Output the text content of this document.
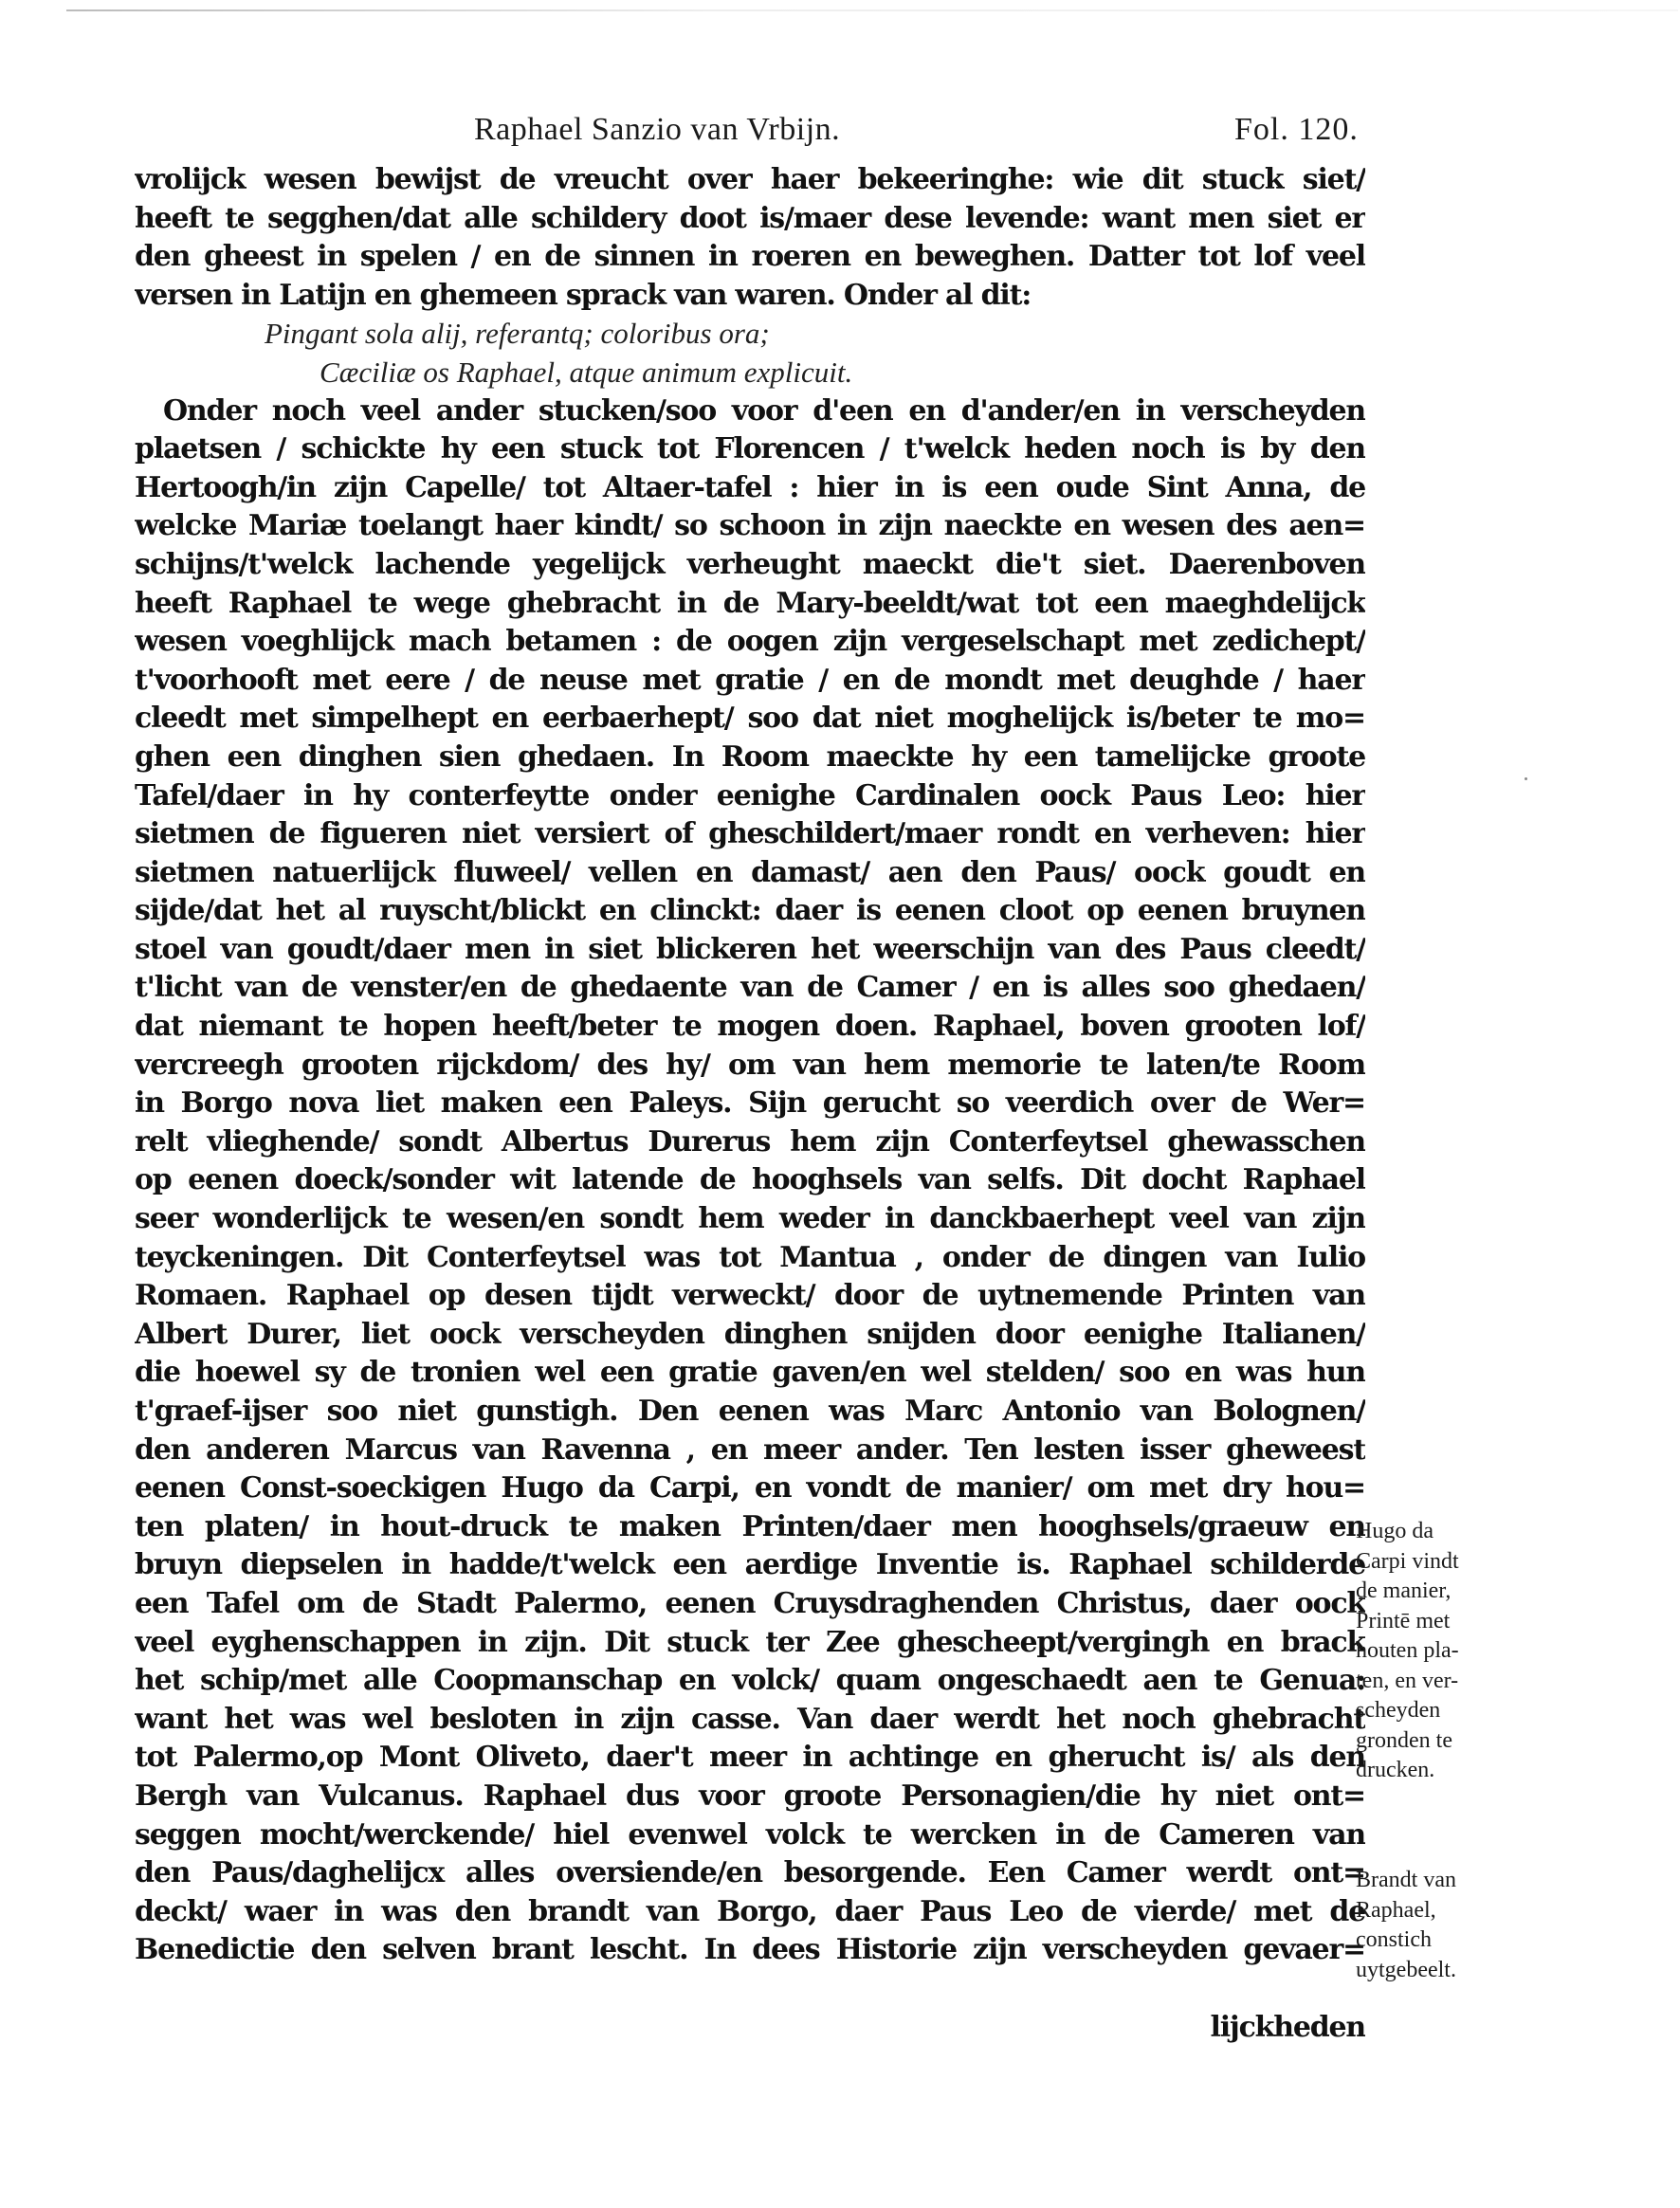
Raphael Sanzio van Vrbijn.	Fol. 120.
vrolijck wesen bewijst de vreucht over haer bekeeringhe: wie dit stuck siet/
heeft te segghen/dat alle schildery doot is/maer dese levende: want men siet er
den gheest in spelen / en de sinnen in roeren en beweghen. Datter tot lof veel
versen in Latijn en ghemeen sprack van waren. Onder al dit:
Pingant sola alij, referantq; coloribus ora;
Cæciliæ os Raphael, atque animum explicuit.
Onder noch veel ander stucken/soo voor d'een en d'ander/en in verscheyden
plaetsen / schickte hy een stuck tot Florencen / t'welck heden noch is by den
Hertoogh/in zijn Capelle/ tot Altaer-tafel : hier in is een oude Sint Anna, de
welcke Mariæ toelangt haer kindt/ so schoon in zijn naeckte en wesen des aen=
schijns/t'welck lachende yegelijck verheught maeckt die't siet. Daerenboven
heeft Raphael te wege ghebracht in de Mary-beeldt/wat tot een maeghdelijck
wesen voeghlijck mach betamen : de oogen zijn vergeselschapt met zedichept/
t'voorhooft met eere / de neuse met gratie / en de mondt met deughde / haer
cleedt met simpelhept en eerbaerhept/ soo dat niet moghelijck is/beter te mo=
ghen een dinghen sien ghedaen. In Room maeckte hy een tamelijcke groote
Tafel/daer in hy conterfeytte onder eenighe Cardinalen oock Paus Leo: hier
sietmen de figueren niet versiert of gheschildert/maer rondt en verheven: hier
sietmen natuerlijck fluweel/ vellen en damast/ aen den Paus/ oock goudt en
sijde/dat het al ruyscht/blickt en clinckt: daer is eenen cloot op eenen bruynen
stoel van goudt/daer men in siet blickeren het weerschijn van des Paus cleedt/
t'licht van de venster/en de ghedaente van de Camer / en is alles soo ghedaen/
dat niemant te hopen heeft/beter te mogen doen. Raphael, boven grooten lof/
vercreegh grooten rijckdom/ des hy/ om van hem memorie te laten/te Room
in Borgo nova liet maken een Paleys. Sijn gerucht so veerdich over de Wer=
relt vlieghende/ sondt Albertus Durerus hem zijn Conterfeytsel ghewasschen
op eenen doeck/sonder wit latende de hooghsels van selfs. Dit docht Raphael
seer wonderlijck te wesen/en sondt hem weder in danckbaerhept veel van zijn
teyckeningen. Dit Conterfeytsel was tot Mantua , onder de dingen van Iulio
Romaen. Raphael op desen tijdt verweckt/ door de uytnemende Printen van
Albert Durer, liet oock verscheyden dinghen snijden door eenighe Italianen/
die hoewel sy de tronien wel een gratie gaven/en wel stelden/ soo en was hun
t'graef-ijser soo niet gunstigh. Den eenen was Marc Antonio van Bolognen/
den anderen Marcus van Ravenna , en meer ander. Ten lesten isser gheweest
eenen Const-soeckigen Hugo da Carpi, en vondt de manier/ om met dry hou=
ten platen/ in hout-druck te maken Printen/daer men hooghsels/graeuw en
bruyn diepselen in hadde/t'welck een aerdige Inventie is. Raphael schilderde
een Tafel om de Stadt Palermo, eenen Cruysdraghenden Christus, daer oock
veel eyghenschappen in zijn. Dit stuck ter Zee ghescheept/vergingh en brack
het schip/met alle Coopmanschap en volck/ quam ongeschaedt aen te Genua:
want het was wel besloten in zijn casse. Van daer werdt het noch ghebracht
tot Palermo,op Mont Oliveto, daer't meer in achtinge en gherucht is/ als den
Bergh van Vulcanus. Raphael dus voor groote Personagien/die hy niet ont=
seggen mocht/werckende/ hiel evenwel volck te wercken in de Cameren van
den Paus/daghelijcx alles oversiende/en besorgende. Een Camer werdt ont=
deckt/ waer in was den brandt van Borgo, daer Paus Leo de vierde/ met de
Benedictie den selven brant lescht. In dees Historie zijn verscheyden gevaer=
lijckheden
Hugo da
Carpi vindt
de manier,
Printē met
houten pla-
ten, en ver-
scheyden
gronden te
drucken.
Brandt van
Raphael,
constich
uytgebeelt.
